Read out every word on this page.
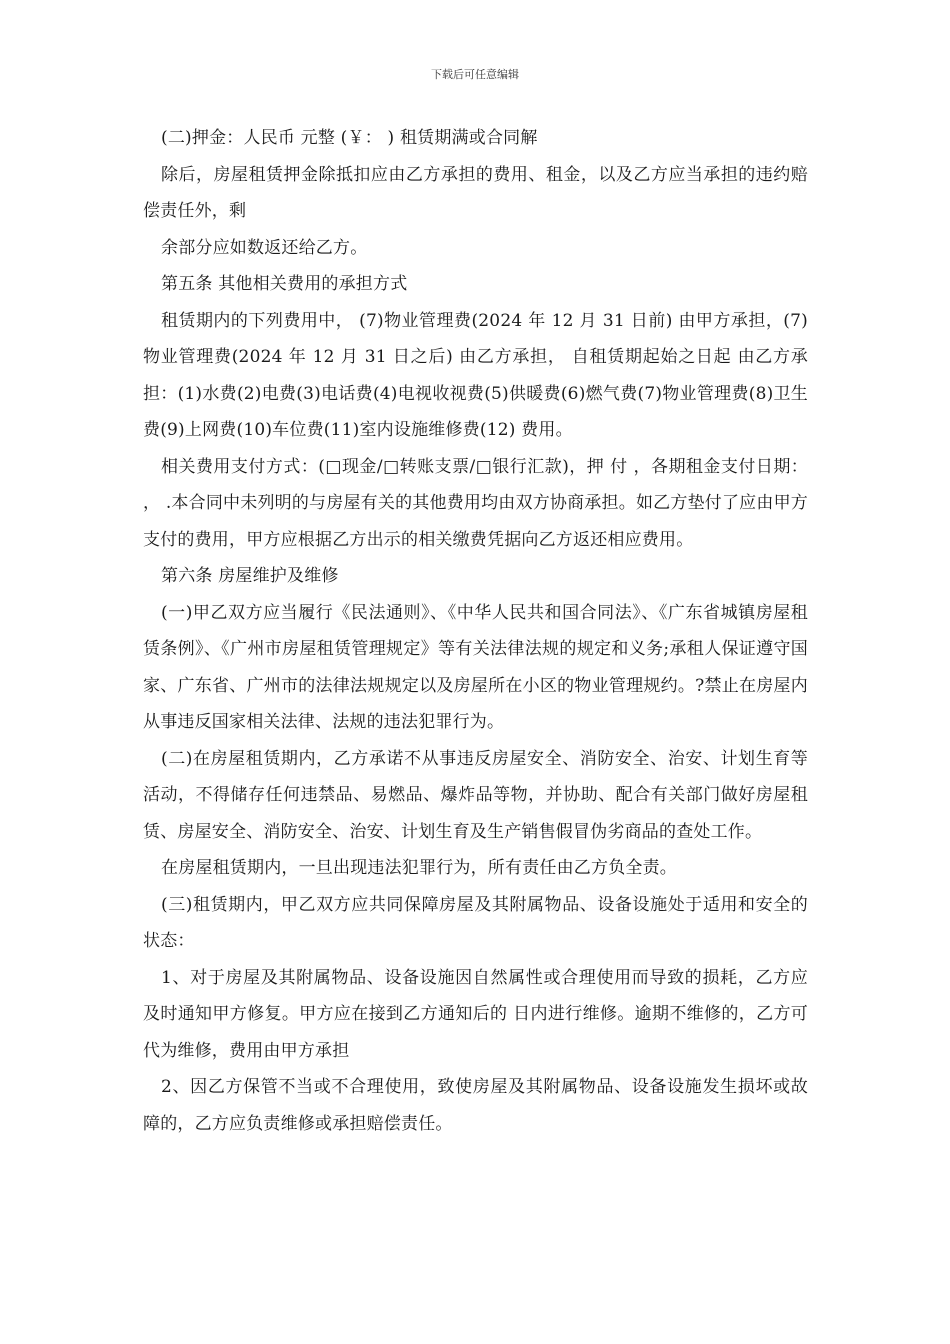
下载后可任意编辑

(二)押金：人民币 元整 (￥： ) 租赁期满或合同解

除后，房屋租赁押金除抵扣应由乙方承担的费用、租金，以及乙方应当承担的违约赔偿责任外，剩

余部分应如数返还给乙方。

第五条 其他相关费用的承担方式

租赁期内的下列费用中， (7)物业管理费(2024 年 12 月 31 日前) 由甲方承担，(7)物业管理费(2024 年 12 月 31 日之后) 由乙方承担， 自租赁期起始之日起 由乙方承担：(1)水费(2)电费(3)电话费(4)电视收视费(5)供暖费(6)燃气费(7)物业管理费(8)卫生费(9)上网费(10)车位费(11)室内设施维修费(12) 费用。

相关费用支付方式：(□现金/□转账支票/□银行汇款)，押 付 ，各期租金支付日期： ， .本合同中未列明的与房屋有关的其他费用均由双方协商承担。如乙方垫付了应由甲方支付的费用，甲方应根据乙方出示的相关缴费凭据向乙方返还相应费用。

第六条 房屋维护及维修

(一)甲乙双方应当履行《民法通则》、《中华人民共和国合同法》、《广东省城镇房屋租赁条例》、《广州市房屋租赁管理规定》等有关法律法规的规定和义务;承租人保证遵守国家、广东省、广州市的法律法规规定以及房屋所在小区的物业管理规约。?禁止在房屋内从事违反国家相关法律、法规的违法犯罪行为。

(二)在房屋租赁期内，乙方承诺不从事违反房屋安全、消防安全、治安、计划生育等活动，不得储存任何违禁品、易燃品、爆炸品等物，并协助、配合有关部门做好房屋租赁、房屋安全、消防安全、治安、计划生育及生产销售假冒伪劣商品的查处工作。

在房屋租赁期内，一旦出现违法犯罪行为，所有责任由乙方负全责。

(三)租赁期内，甲乙双方应共同保障房屋及其附属物品、设备设施处于适用和安全的状态：

1、对于房屋及其附属物品、设备设施因自然属性或合理使用而导致的损耗，乙方应及时通知甲方修复。甲方应在接到乙方通知后的 日内进行维修。逾期不维修的，乙方可代为维修，费用由甲方承担

2、因乙方保管不当或不合理使用，致使房屋及其附属物品、设备设施发生损坏或故障的，乙方应负责维修或承担赔偿责任。
